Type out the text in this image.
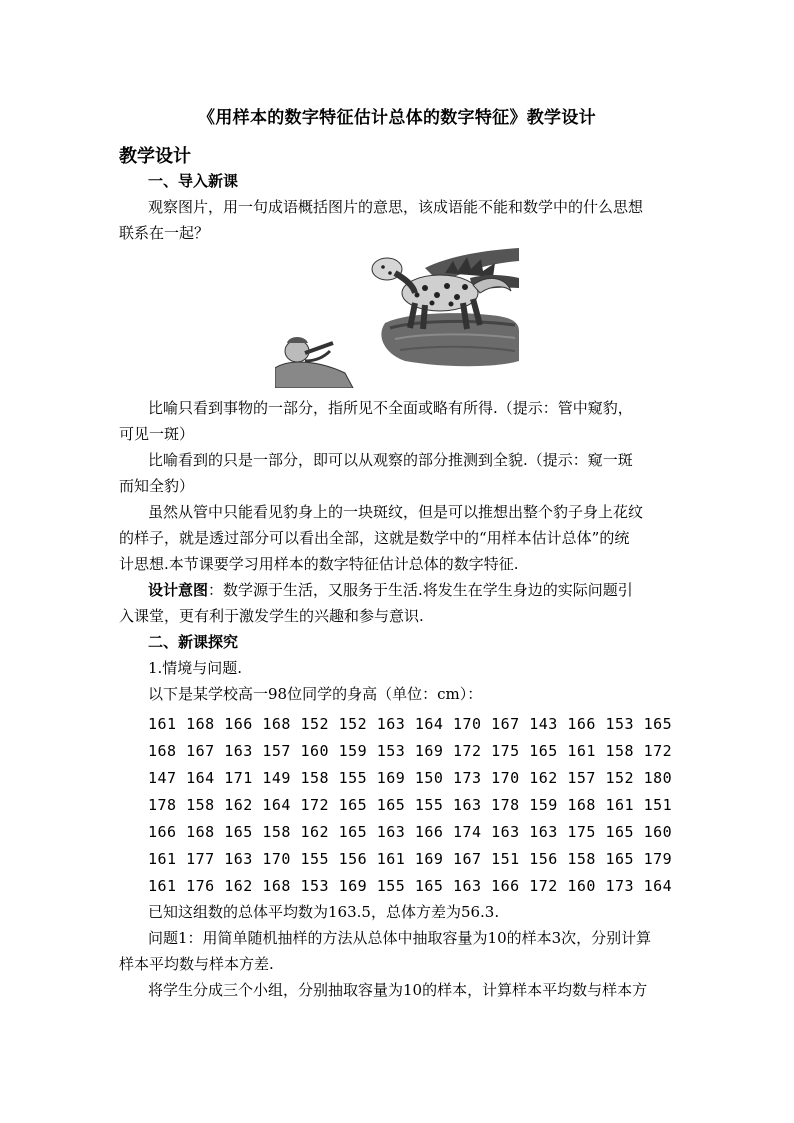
《用样本的数字特征估计总体的数字特征》教学设计
教学设计
一、导入新课
观察图片，用一句成语概括图片的意思，该成语能不能和数学中的什么思想
联系在一起？
比喻只看到事物的一部分，指所见不全面或略有所得.（提示：管中窥豹，
可见一斑）
比喻看到的只是一部分，即可以从观察的部分推测到全貌.（提示：窥一斑
而知全豹）
虽然从管中只能看见豹身上的一块斑纹，但是可以推想出整个豹子身上花纹
的样子，就是透过部分可以看出全部，这就是数学中的“用样本估计总体”的统
计思想.本节课要学习用样本的数字特征估计总体的数字特征.
设计意图：数学源于生活，又服务于生活.将发生在学生身边的实际问题引
入课堂，更有利于激发学生的兴趣和参与意识.
二、新课探究
1.情境与问题.
以下是某学校高一98位同学的身高（单位：cm）：
161 168 166 168 152 152 163 164 170 167 143 166 153 165
168 167 163 157 160 159 153 169 172 175 165 161 158 172
147 164 171 149 158 155 169 150 173 170 162 157 152 180
178 158 162 164 172 165 165 155 163 178 159 168 161 151
166 168 165 158 162 165 163 166 174 163 163 175 165 160
161 177 163 170 155 156 161 169 167 151 156 158 165 179
161 176 162 168 153 169 155 165 163 166 172 160 173 164
已知这组数的总体平均数为163.5，总体方差为56.3.
问题1：用简单随机抽样的方法从总体中抽取容量为10的样本3次，分别计算
样本平均数与样本方差.
将学生分成三个小组，分别抽取容量为10的样本，计算样本平均数与样本方
